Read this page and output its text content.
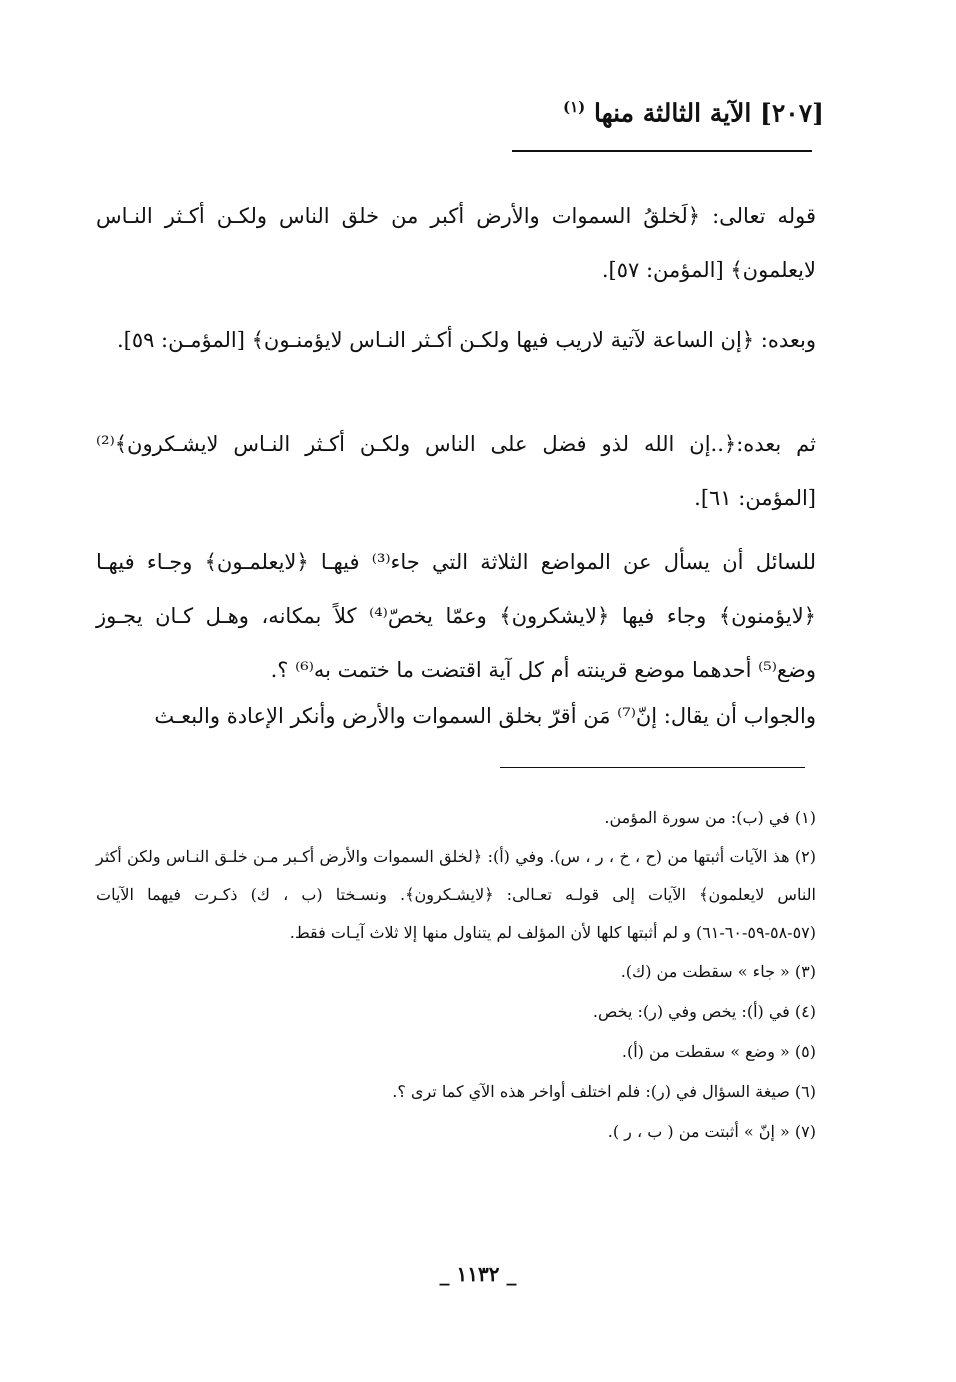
[٢٠٧] الآية الثالثة منها $^{(١)}$

قوله تعالى: ﴿لَخلقُ السموات والأرض أكبر من خلق الناس ولكـن أكـثر النـاس لايعلمون﴾ [المؤمن: ٥٧].

وبعده: ﴿إن الساعة لآتية لاريب فيها ولكـن أكـثر النـاس لايؤمنـون﴾ [المؤمـن: ٥٩].

ثم بعده:﴿..إن الله لذو فضل على الناس ولكـن أكـثر النـاس لايشـكرون﴾⁽²⁾ [المؤمن: ٦١].

للسائل أن يسأل عن المواضع الثلاثة التي جاء⁽³⁾ فيهـا ﴿لايعلمـون﴾ وجـاء فيهـا ﴿لايؤمنون﴾ وجاء فيها ﴿لايشكرون﴾ وعمّا يخصّ⁽⁴⁾ كلاً بمكانه، وهـل كـان يجـوز وضع⁽⁵⁾ أحدهما موضع قرينته أم كل آية اقتضت ما ختمت به⁽⁶⁾ ؟.

والجواب أن يقال: إنّ⁽⁷⁾ مَن أقرّ بخلق السموات والأرض وأنكر الإعادة والبعـث

(١) في (ب): من سورة المؤمن.

(٢) هذ الآيات أثبتها من (ح ، خ ، ر ، س). وفي (أ): ﴿لخلق السموات والأرض أكـبر مـن خلـق النـاس ولكن أكثر الناس لايعلمون﴾ الآيات إلى قولـه تعـالى: ﴿لايشـكرون﴾. ونسـختا (ب ، ك) ذكـرت فيهما الآيات (٥٧-٥٨-٥٩-٦٠-٦١) و لم أثبتها كلها لأن المؤلف لم يتناول منها إلا ثلاث آيـات فقط.

(٣) « جاء » سقطت من (ك).

(٤) في (أ): يخص وفي (ر): يخص.

(٥) « وضع » سقطت من (أ).

(٦) صيغة السؤال في (ر): فلم اختلف أواخر هذه الآي كما ترى ؟.

(٧) « إنّ » أثبتت من ( ب ، ر ).

_ ١١٣٢ _
